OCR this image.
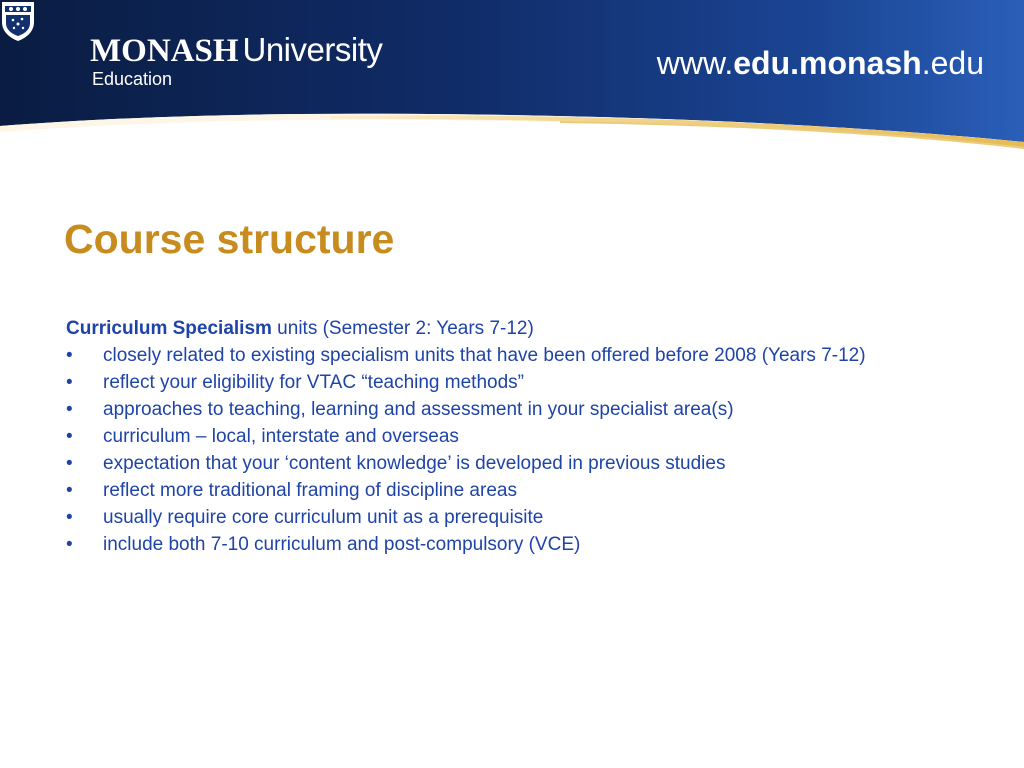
MONASH University
Education	www.edu.monash.edu
Course structure

Curriculum Specialism units (Semester 2: Years 7-12)

• closely related to existing specialism units that have been offered before 2008 (Years 7-12)
• reflect your eligibility for VTAC “teaching methods”
• approaches to teaching, learning and assessment in your specialist area(s)
• curriculum – local, interstate and overseas
• expectation that your ‘content knowledge’ is developed in previous studies
• reflect more traditional framing of discipline areas
• usually require core curriculum unit as a prerequisite
• include both 7-10 curriculum and post-compulsory (VCE)
